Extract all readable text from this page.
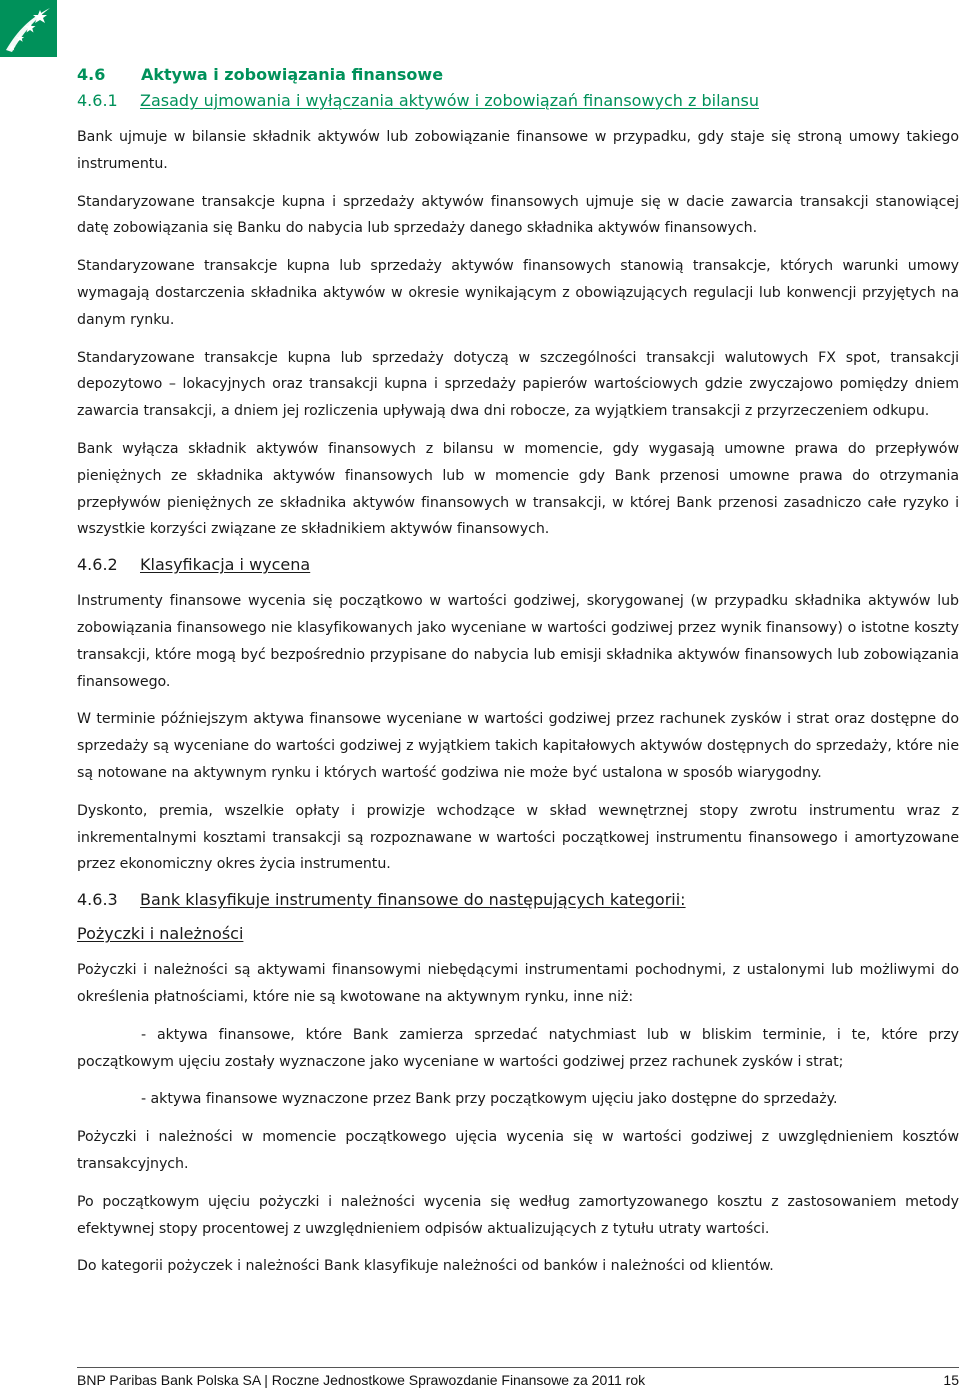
4.6	Aktywa i zobowiązania finansowe
4.6.1	Zasady ujmowania i wyłączania aktywów i zobowiązań finansowych z bilansu

Bank ujmuje w bilansie składnik aktywów lub zobowiązanie finansowe w przypadku, gdy staje się stroną umowy takiego instrumentu.

Standaryzowane transakcje kupna i sprzedaży aktywów finansowych ujmuje się w dacie zawarcia transakcji stanowiącej datę zobowiązania się Banku do nabycia lub sprzedaży danego składnika aktywów finansowych.

Standaryzowane transakcje kupna lub sprzedaży aktywów finansowych stanowią transakcje, których warunki umowy wymagają dostarczenia składnika aktywów w okresie wynikającym z obowiązujących regulacji lub konwencji przyjętych na danym rynku.

Standaryzowane transakcje kupna lub sprzedaży dotyczą w szczególności transakcji walutowych FX spot, transakcji depozytowo – lokacyjnych oraz transakcji kupna i sprzedaży papierów wartościowych gdzie zwyczajowo pomiędzy dniem zawarcia transakcji, a dniem jej rozliczenia upływają dwa dni robocze, za wyjątkiem transakcji z przyrzeczeniem odkupu.

Bank wyłącza składnik aktywów finansowych z bilansu w momencie, gdy wygasają umowne prawa do przepływów pieniężnych ze składnika aktywów finansowych lub w momencie gdy Bank przenosi umowne prawa do otrzymania przepływów pieniężnych ze składnika aktywów finansowych w transakcji, w której Bank przenosi zasadniczo całe ryzyko i wszystkie korzyści związane ze składnikiem aktywów finansowych.

4.6.2	Klasyfikacja i wycena

Instrumenty finansowe wycenia się początkowo w wartości godziwej, skorygowanej (w przypadku składnika aktywów lub zobowiązania finansowego nie klasyfikowanych jako wyceniane w wartości godziwej przez wynik finansowy) o istotne koszty transakcji, które mogą być bezpośrednio przypisane do nabycia lub emisji składnika aktywów finansowych lub zobowiązania finansowego.

W terminie późniejszym aktywa finansowe wyceniane w wartości godziwej przez rachunek zysków i strat oraz dostępne do sprzedaży są wyceniane do wartości godziwej z wyjątkiem takich kapitałowych aktywów dostępnych do sprzedaży, które nie są notowane na aktywnym rynku i których wartość godziwa nie może być ustalona w sposób wiarygodny.

Dyskonto, premia, wszelkie opłaty i prowizje wchodzące w skład wewnętrznej stopy zwrotu instrumentu wraz z inkrementalnymi kosztami transakcji są rozpoznawane w wartości początkowej instrumentu finansowego i amortyzowane przez ekonomiczny okres życia instrumentu.

4.6.3	Bank klasyfikuje instrumenty finansowe do następujących kategorii:
Pożyczki i należności

Pożyczki i należności są aktywami finansowymi niebędącymi instrumentami pochodnymi, z ustalonymi lub możliwymi do określenia płatnościami, które nie są kwotowane na aktywnym rynku, inne niż:

- aktywa finansowe, które Bank zamierza sprzedać natychmiast lub w bliskim terminie, i te, które przy początkowym ujęciu zostały wyznaczone jako wyceniane w wartości godziwej przez rachunek zysków i strat;

- aktywa finansowe wyznaczone przez Bank przy początkowym ujęciu jako dostępne do sprzedaży.

Pożyczki i należności w momencie początkowego ujęcia wycenia się w wartości godziwej z uwzględnieniem kosztów transakcyjnych.

Po początkowym ujęciu pożyczki i należności wycenia się według zamortyzowanego kosztu z zastosowaniem metody efektywnej stopy procentowej z uwzględnieniem odpisów aktualizujących z tytułu utraty wartości.

Do kategorii pożyczek i należności Bank klasyfikuje należności od banków i należności od klientów.

BNP Paribas Bank Polska SA | Roczne Jednostkowe Sprawozdanie Finansowe za 2011 rok	15
